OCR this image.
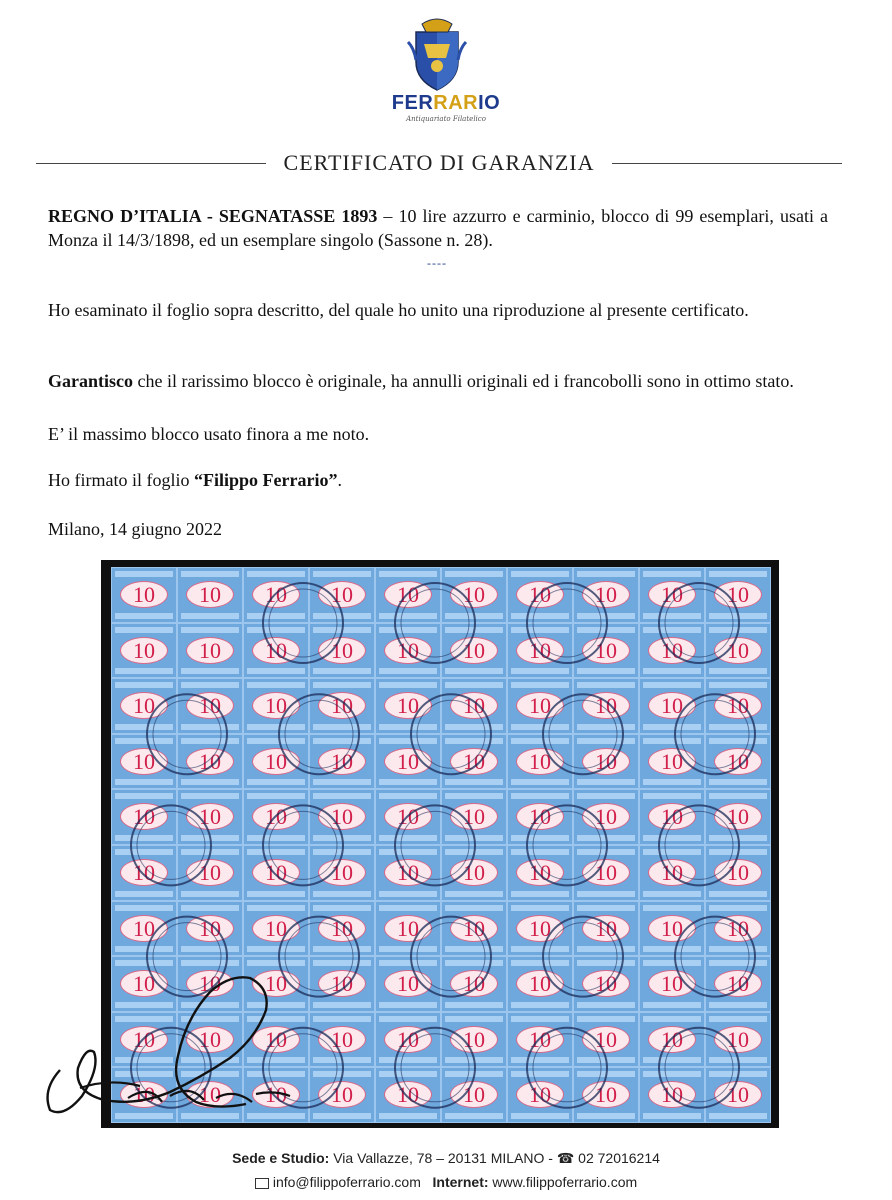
FERRARIO
Antiquariato Filatelico
CERTIFICATO DI GARANZIA
REGNO D’ITALIA - SEGNATASSE 1893 – 10 lire azzurro e carminio, blocco di 99 esemplari, usati a Monza il 14/3/1898, ed un esemplare singolo (Sassone n. 28).
----
Ho esaminato il foglio sopra descritto, del quale ho unito una riproduzione al presente certificato.
Garantisco che il rarissimo blocco è originale, ha annulli originali ed i francobolli sono in ottimo stato.
E’ il massimo blocco usato finora a me noto.
Ho firmato il foglio “Filippo Ferrario”.
Milano, 14 giugno 2022
10	10	10	10	10	10	10	10	10	10
10	10	10	10	10	10	10	10	10	10
10	10	10	10	10	10	10	10	10	10
10	10	10	10	10	10	10	10	10	10
10	10	10	10	10	10	10	10	10	10
10	10	10	10	10	10	10	10	10	10
10	10	10	10	10	10	10	10	10	10
10	10	10	10	10	10	10	10	10	10
10	10	10	10	10	10	10	10	10	10
10	10	10	10	10	10	10	10	10	10
Sede e Studio: Via Vallazze, 78 – 20131 MILANO - ☎ 02 72016214
info@filippoferrario.com Internet: www.filippoferrario.com
